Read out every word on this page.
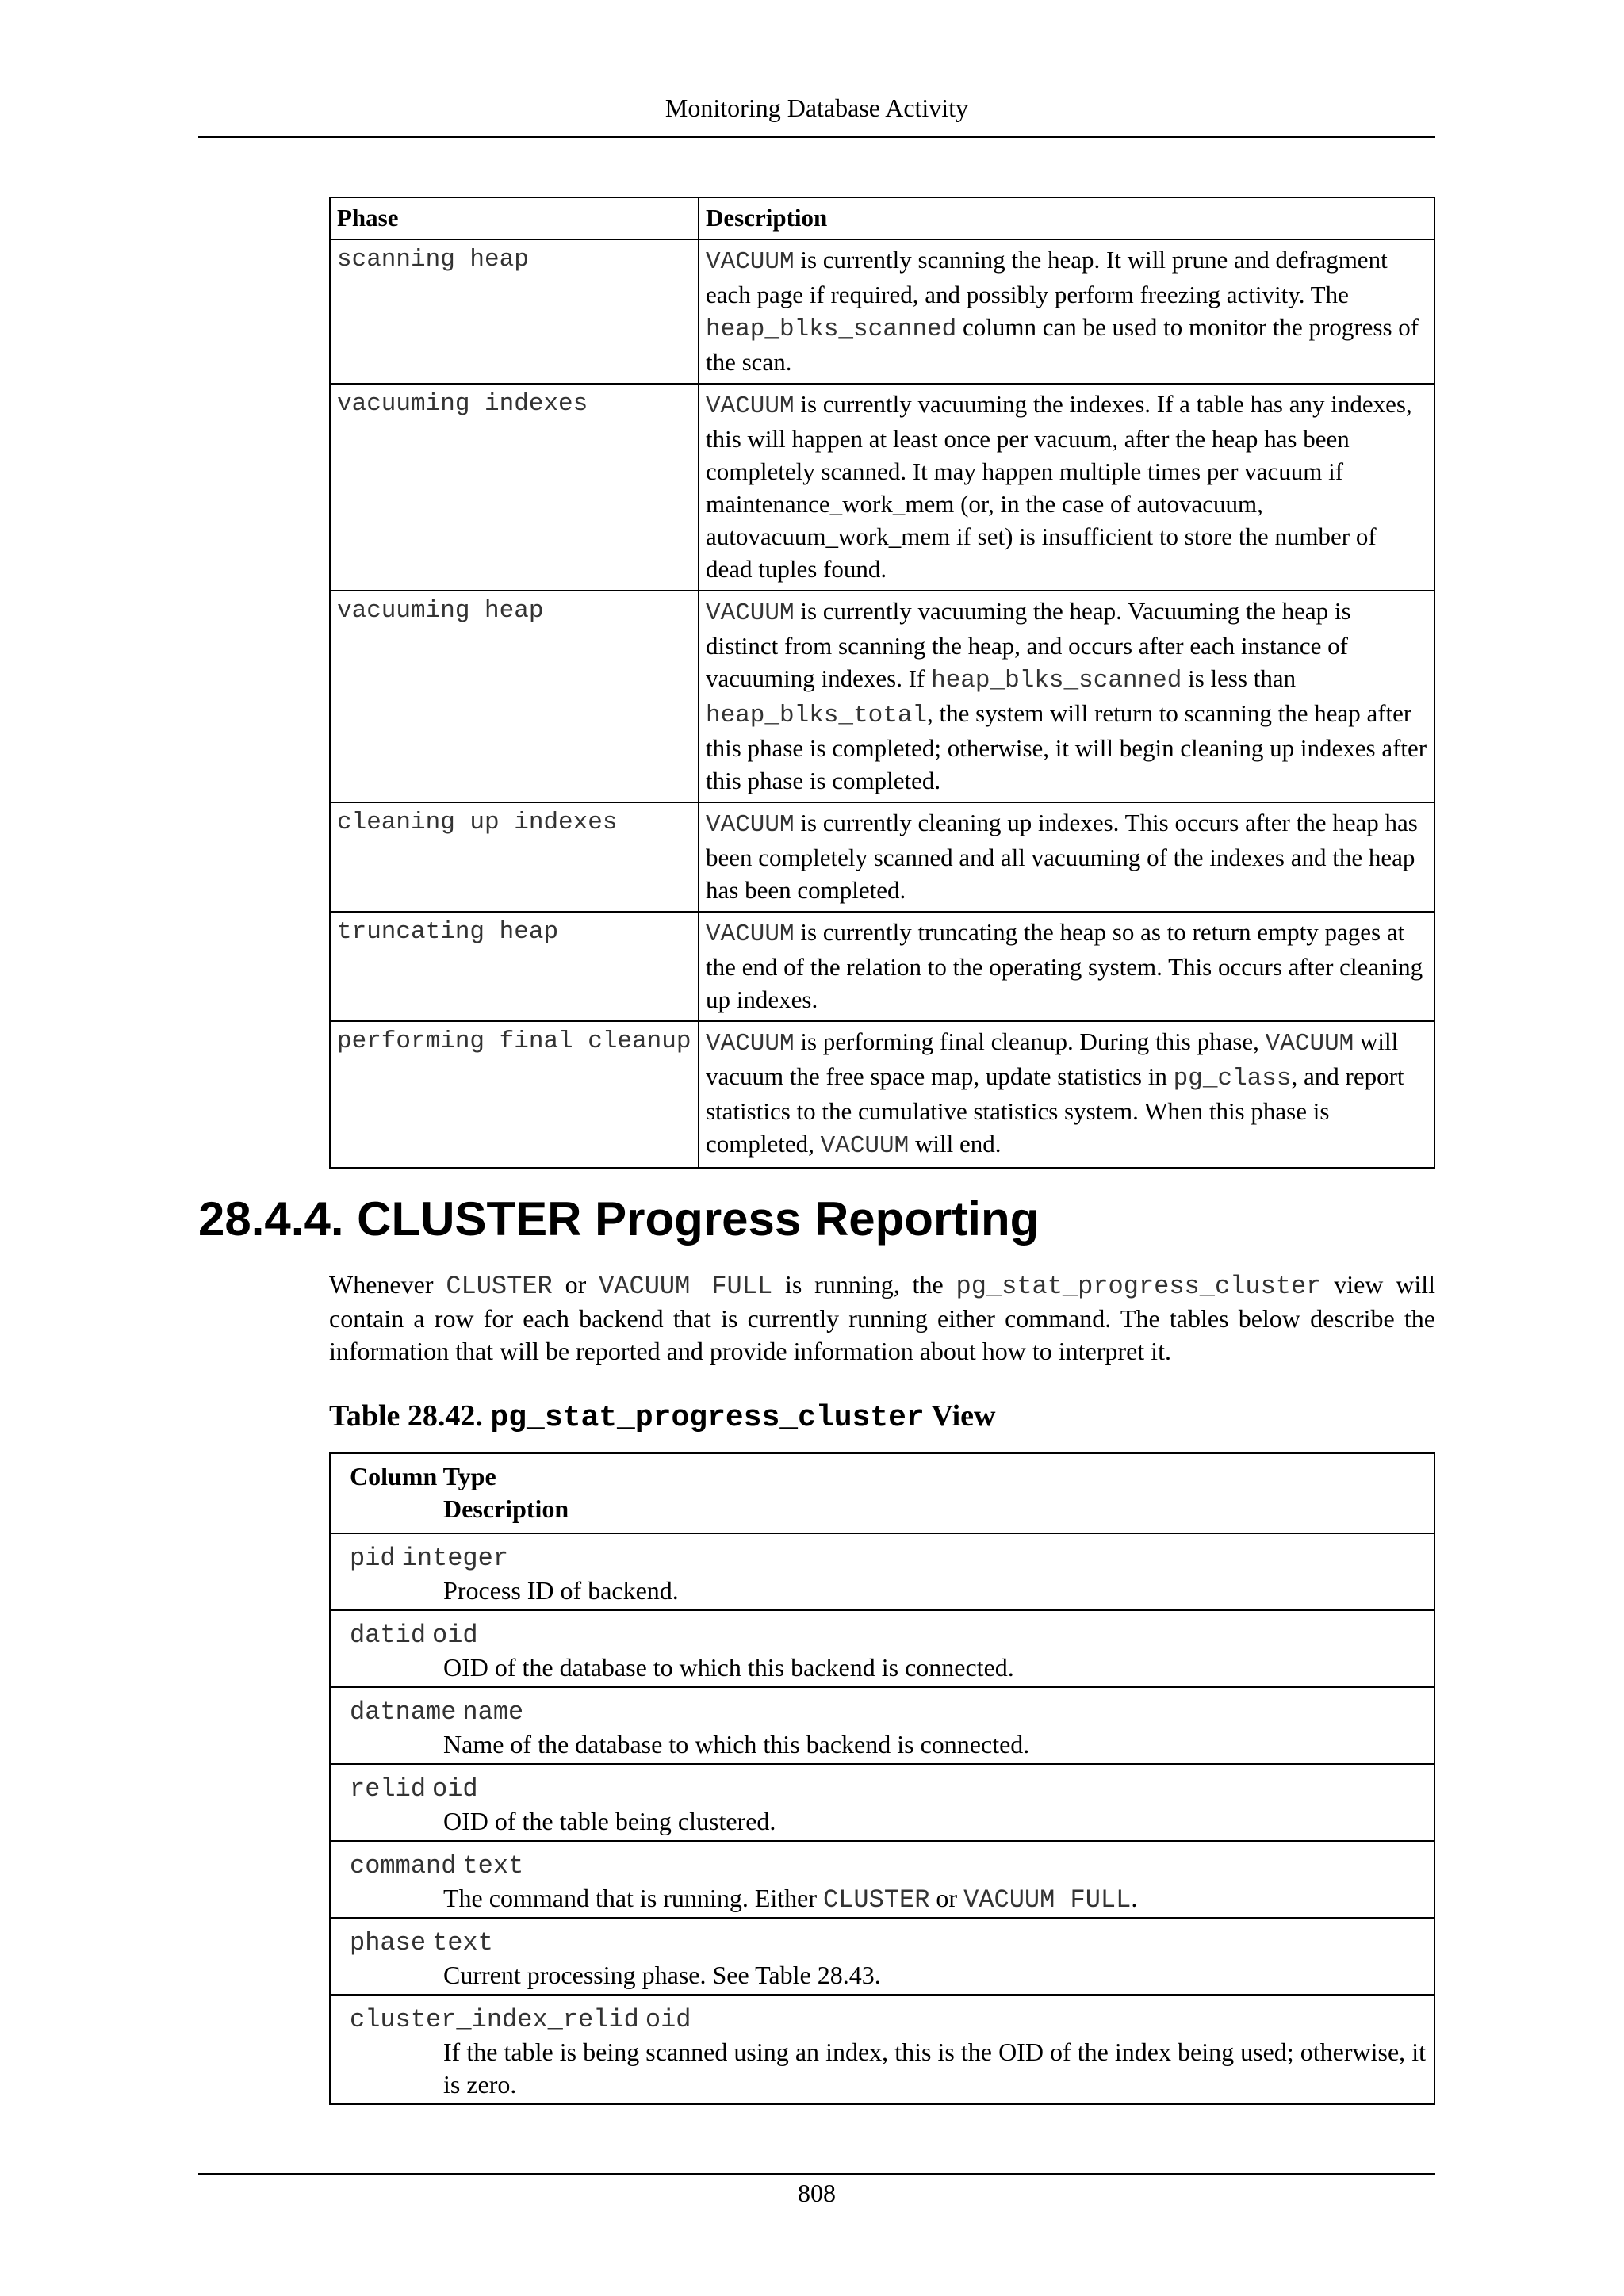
Monitoring Database Activity
Phase	Description
scanning heap	VACUUM is currently scanning the heap. It will prune and defragment each page if required, and possibly perform freezing activity. The heap_blks_scanned column can be used to monitor the progress of the scan.
vacuuming indexes	VACUUM is currently vacuuming the indexes. If a table has any indexes, this will happen at least once per vacuum, after the heap has been completely scanned. It may happen multiple times per vacuum if maintenance_work_mem (or, in the case of autovacuum, autovacuum_work_mem if set) is insufficient to store the number of dead tuples found.
vacuuming heap	VACUUM is currently vacuuming the heap. Vacuuming the heap is distinct from scanning the heap, and occurs after each instance of vacuuming indexes. If heap_blks_scanned is less than heap_blks_total, the system will return to scanning the heap after this phase is completed; otherwise, it will begin cleaning up indexes after this phase is completed.
cleaning up indexes	VACUUM is currently cleaning up indexes. This occurs after the heap has been completely scanned and all vacuuming of the indexes and the heap has been completed.
truncating heap	VACUUM is currently truncating the heap so as to return empty pages at the end of the relation to the operating system. This occurs after cleaning up indexes.
performing final cleanup	VACUUM is performing final cleanup. During this phase, VACUUM will vacuum the free space map, update statistics in pg_class, and report statistics to the cumulative statistics system. When this phase is completed, VACUUM will end.
28.4.4. CLUSTER Progress Reporting

Whenever CLUSTER or VACUUM FULL is running, the pg_stat_progress_cluster view will contain a row for each backend that is currently running either command. The tables below describe the information that will be reported and provide information about how to interpret it.

Table 28.42. pg_stat_progress_cluster View
Column Type
Description
pid integer
Process ID of backend.
datid oid
OID of the database to which this backend is connected.
datname name
Name of the database to which this backend is connected.
relid oid
OID of the table being clustered.
command text
The command that is running. Either CLUSTER or VACUUM FULL.
phase text
Current processing phase. See Table 28.43.
cluster_index_relid oid
If the table is being scanned using an index, this is the OID of the index being used; otherwise, it is zero.
808
